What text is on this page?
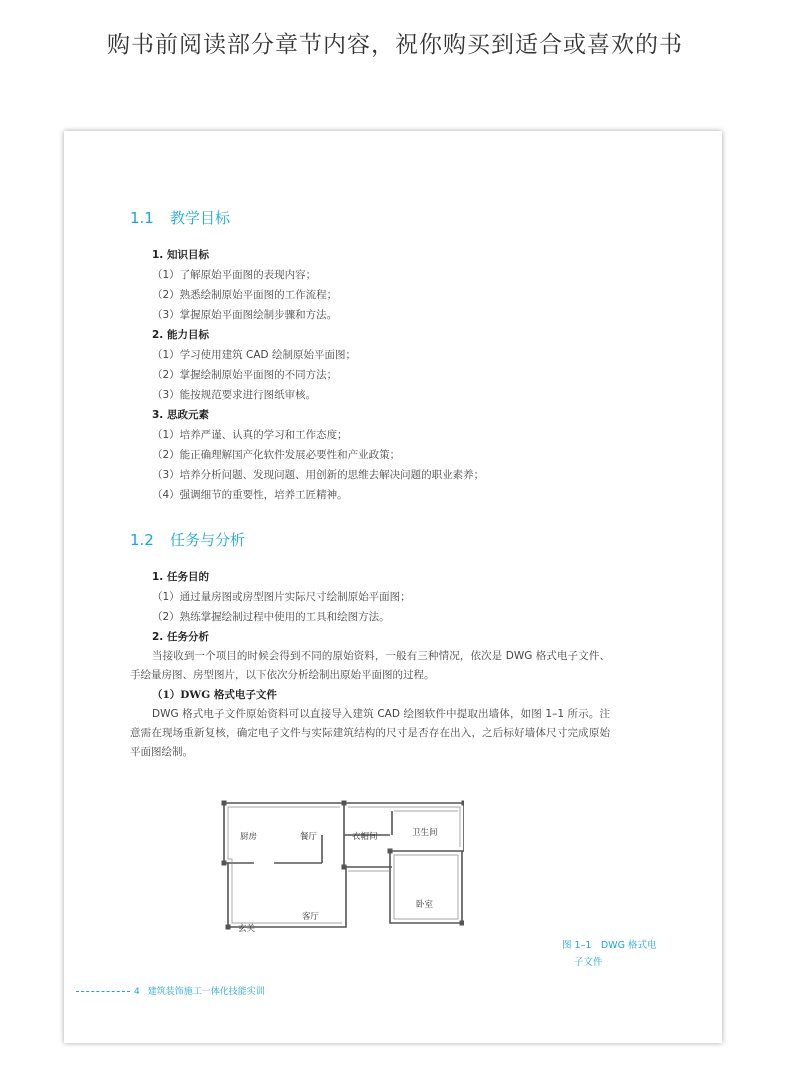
购书前阅读部分章节内容，祝你购买到适合或喜欢的书
1.1 教学目标
1. 知识目标
（1）了解原始平面图的表现内容；
（2）熟悉绘制原始平面图的工作流程；
（3）掌握原始平面图绘制步骤和方法。
2. 能力目标
（1）学习使用建筑 CAD 绘制原始平面图；
（2）掌握绘制原始平面图的不同方法；
（3）能按规范要求进行图纸审核。
3. 思政元素
（1）培养严谨、认真的学习和工作态度；
（2）能正确理解国产化软件发展必要性和产业政策；
（3）培养分析问题、发现问题、用创新的思维去解决问题的职业素养；
（4）强调细节的重要性，培养工匠精神。
1.2 任务与分析
1. 任务目的
（1）通过量房图或房型图片实际尺寸绘制原始平面图；
（2）熟练掌握绘制过程中使用的工具和绘图方法。
2. 任务分析
当接收到一个项目的时候会得到不同的原始资料，一般有三种情况，依次是 DWG 格式电子文件、手绘量房图、房型图片，以下依次分析绘制出原始平面图的过程。
（1）DWG 格式电子文件
DWG 格式电子文件原始资料可以直接导入建筑 CAD 绘图软件中提取出墙体，如图 1–1 所示。注意需在现场重新复核，确定电子文件与实际建筑结构的尺寸是否存在出入，之后标好墙体尺寸完成原始平面图绘制。
厨房	餐厅	衣帽间	卫生间
卧室
客厅
玄关
图 1–1　DWG 格式电
子文件
4 建筑装饰施工一体化技能实训
